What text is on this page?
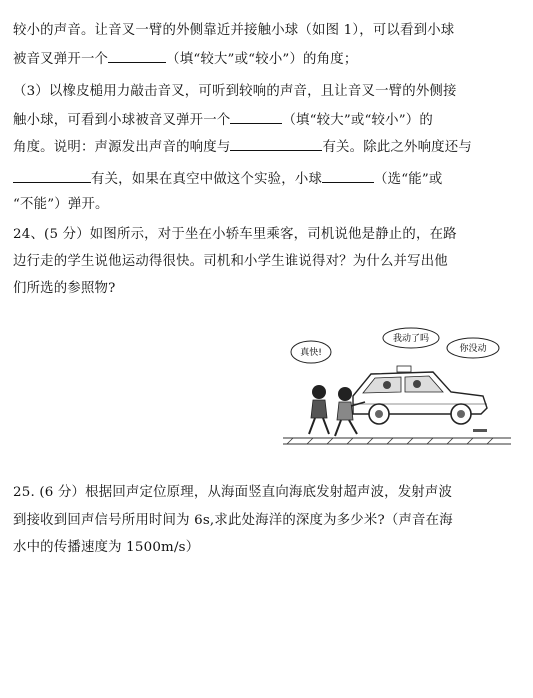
较小的声音。让音叉一臂的外侧靠近并接触小球（如图 1），可以看到小球
被音叉弹开一个	（填“较大”或“较小”）的角度；
（3）以橡皮槌用力敲击音叉，可听到较响的声音，且让音叉一臂的外侧接
触小球，可看到小球被音叉弹开一个	（填“较大”或“较小”）的
角度。说明：声源发出声音的响度与	有关。除此之外响度还与
有关，如果在真空中做这个实验，小球	（选“能”或
“不能”）弹开。
24、(5 分）如图所示，对于坐在小轿车里乘客，司机说他是静止的，在路
边行走的学生说他运动得很快。司机和小学生谁说得对？为什么并写出他
们所选的参照物?
真快!
我动了吗
你没动
25. (6 分）根据回声定位原理，从海面竖直向海底发射超声波，发射声波
到接收到回声信号所用时间为 6s,求此处海洋的深度为多少米?（声音在海
水中的传播速度为 1500m/s）
